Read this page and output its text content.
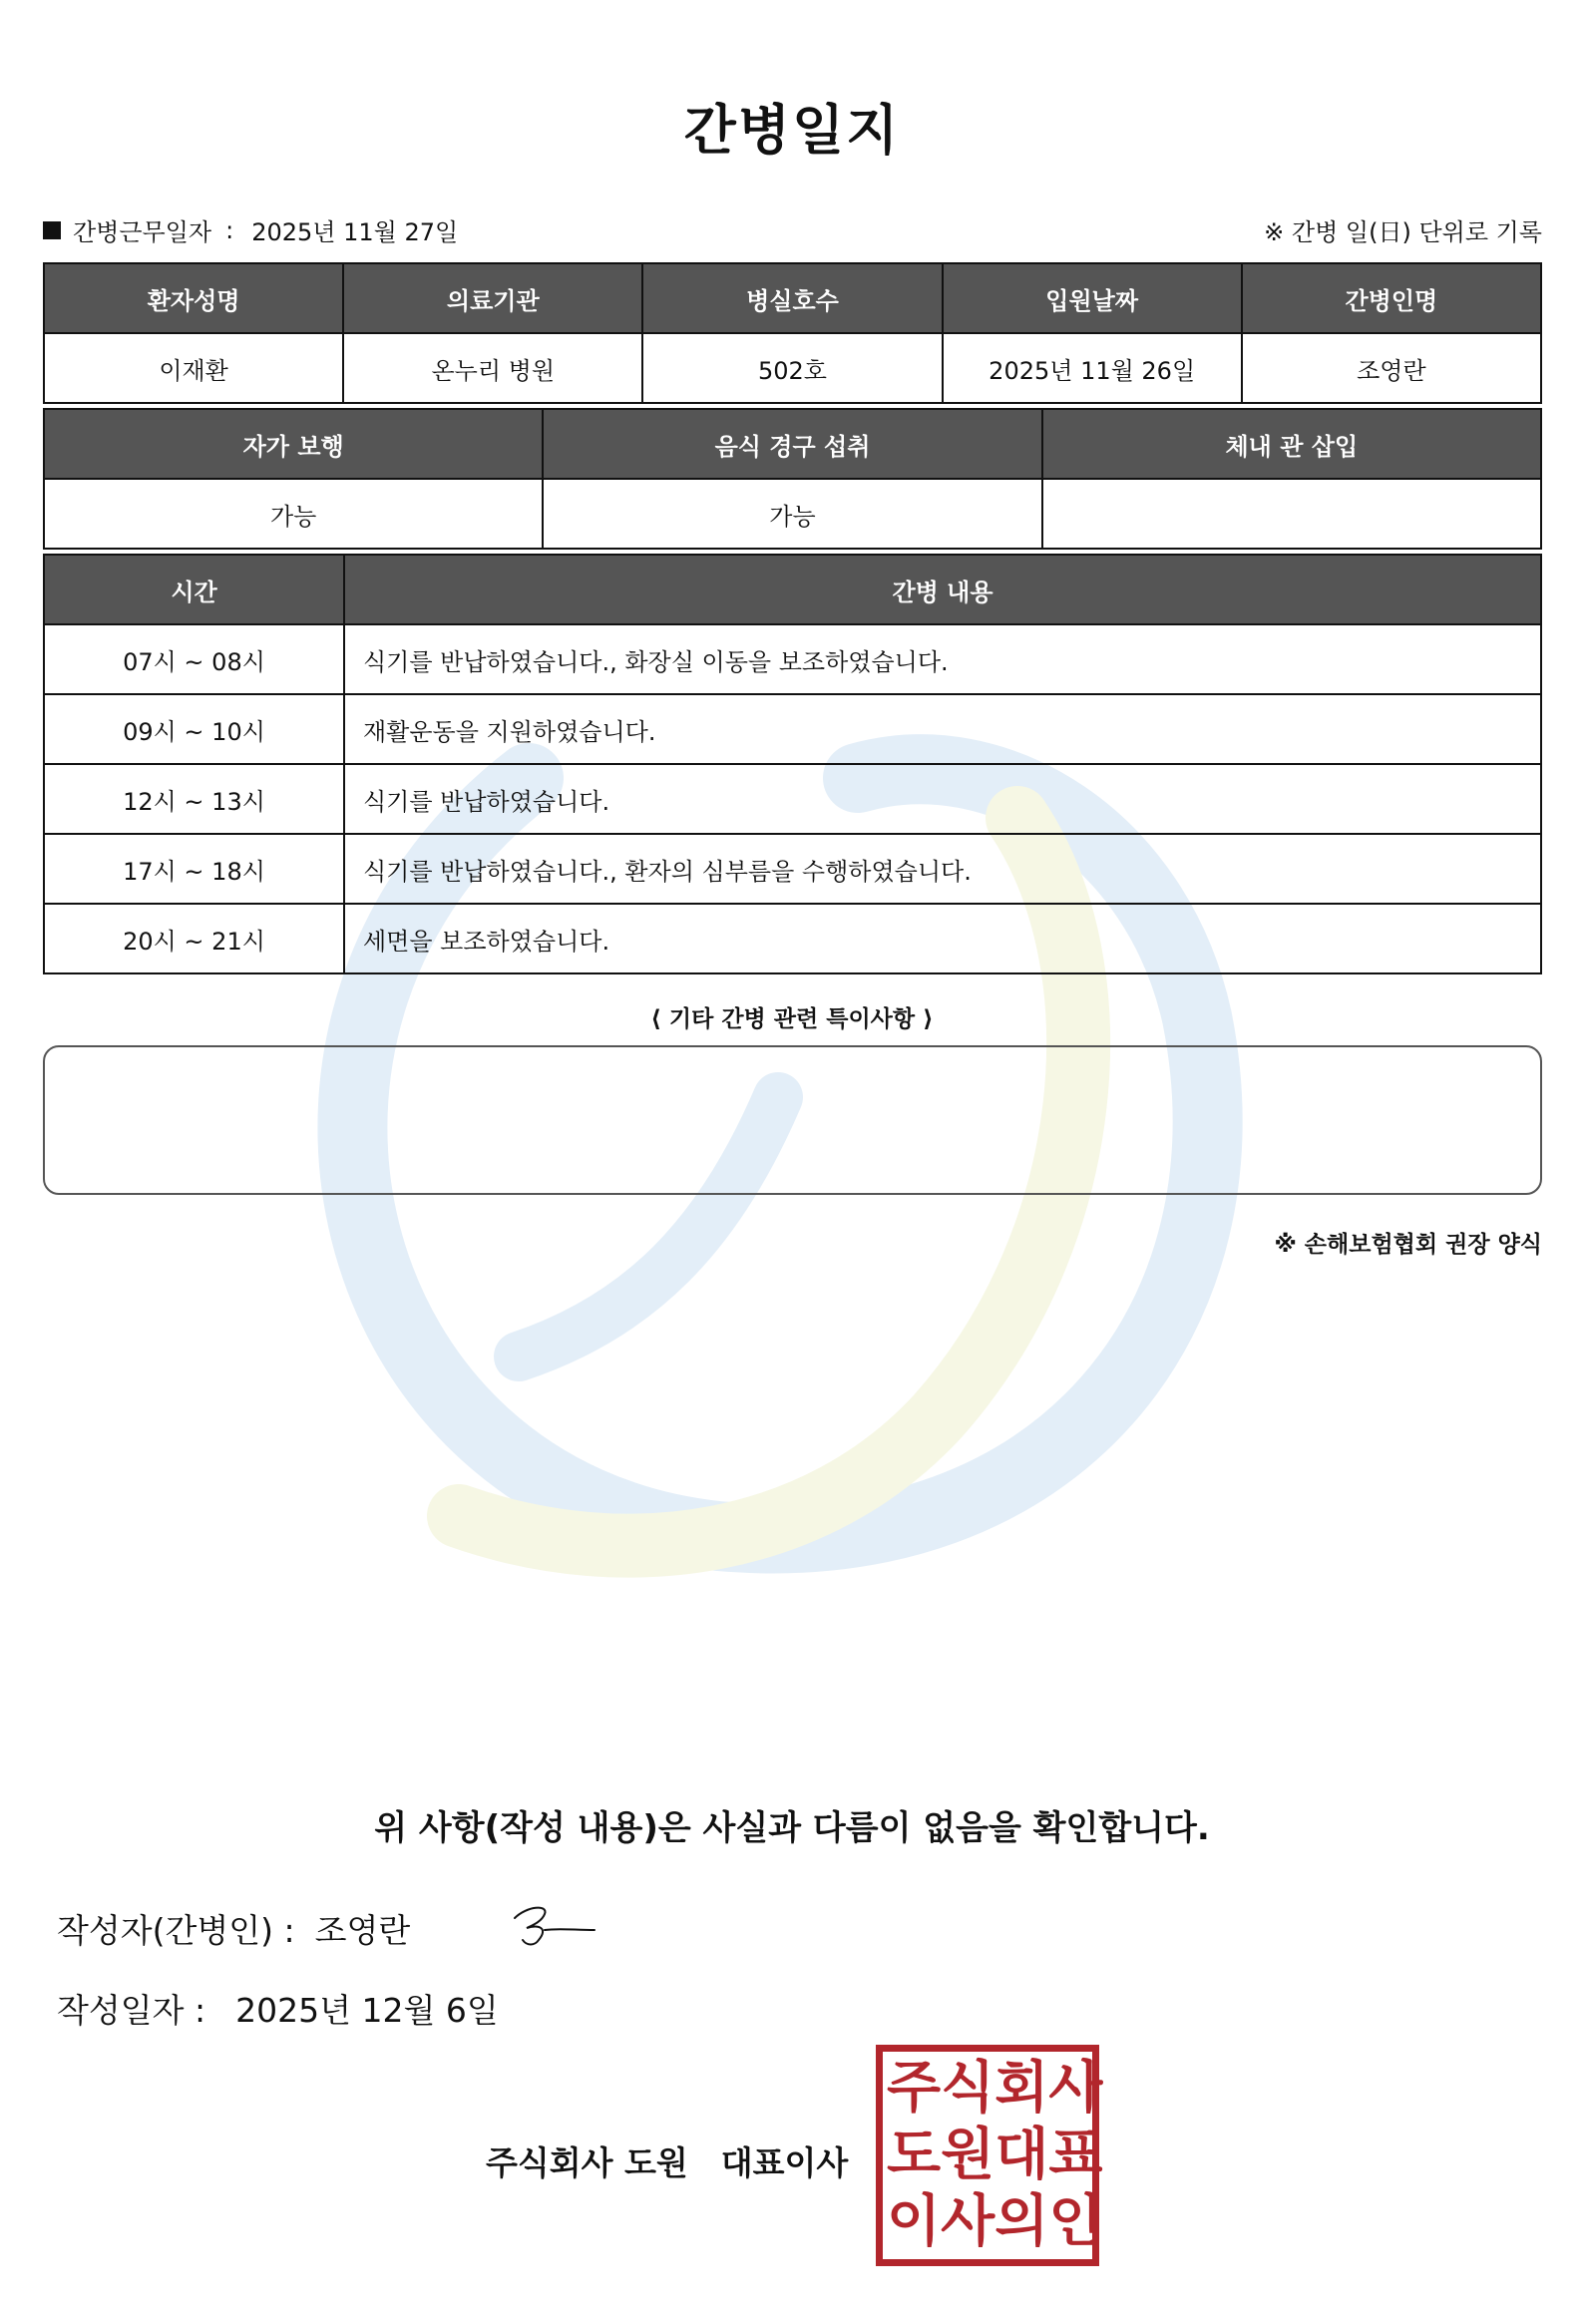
간병일지
간병근무일자 : 2025년 11월 27일	※ 간병 일(日) 단위로 기록
환자성명	의료기관	병실호수	입원날짜	간병인명
이재환	온누리 병원	502호	2025년 11월 26일	조영란
자가 보행	음식 경구 섭취	체내 관 삽입
가능	가능	
시간	간병 내용
07시 ~ 08시	식기를 반납하였습니다., 화장실 이동을 보조하였습니다.
09시 ~ 10시	재활운동을 지원하였습니다.
12시 ~ 13시	식기를 반납하였습니다.
17시 ~ 18시	식기를 반납하였습니다., 환자의 심부름을 수행하였습니다.
20시 ~ 21시	세면을 보조하였습니다.
⟨ 기타 간병 관련 특이사항 ⟩
※ 손해보험협회 권장 양식
위 사항(작성 내용)은 사실과 다름이 없음을 확인합니다.
작성자(간병인) : 조영란
작성일자 : 2025년 12월 6일
주식회사 도원　대표이사
주 식 회 사
도 원 대 표
이 사 의 인
